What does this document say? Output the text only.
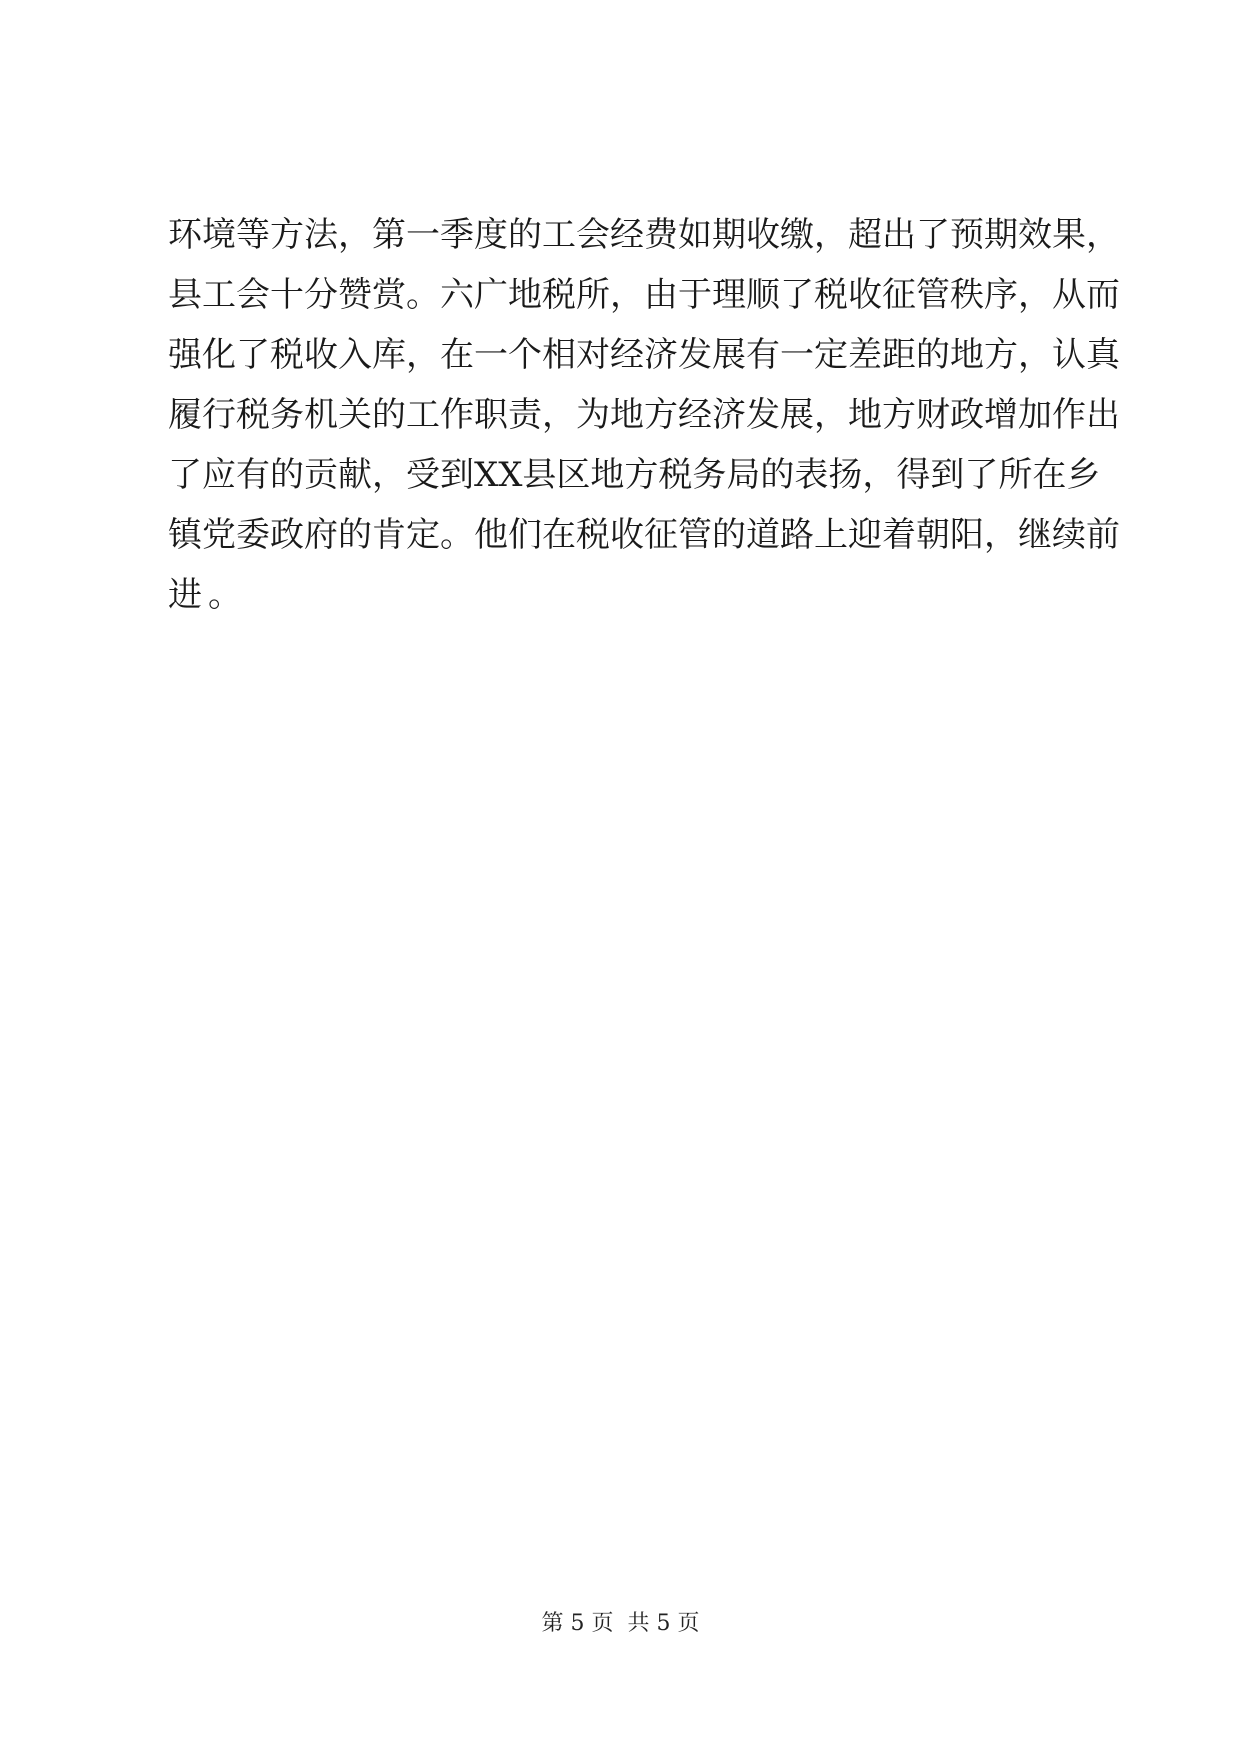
环境等方法，第一季度的工会经费如期收缴，超出了预期效果，
县工会十分赞赏。六广地税所，由于理顺了税收征管秩序，从而
强化了税收入库，在一个相对经济发展有一定差距的地方，认真
履行税务机关的工作职责，为地方经济发展，地方财政增加作出
了应有的贡献，受到XX县区地方税务局的表扬，得到了所在乡
镇党委政府的肯定。他们在税收征管的道路上迎着朝阳，继续前
进。
第 5 页  共 5 页
